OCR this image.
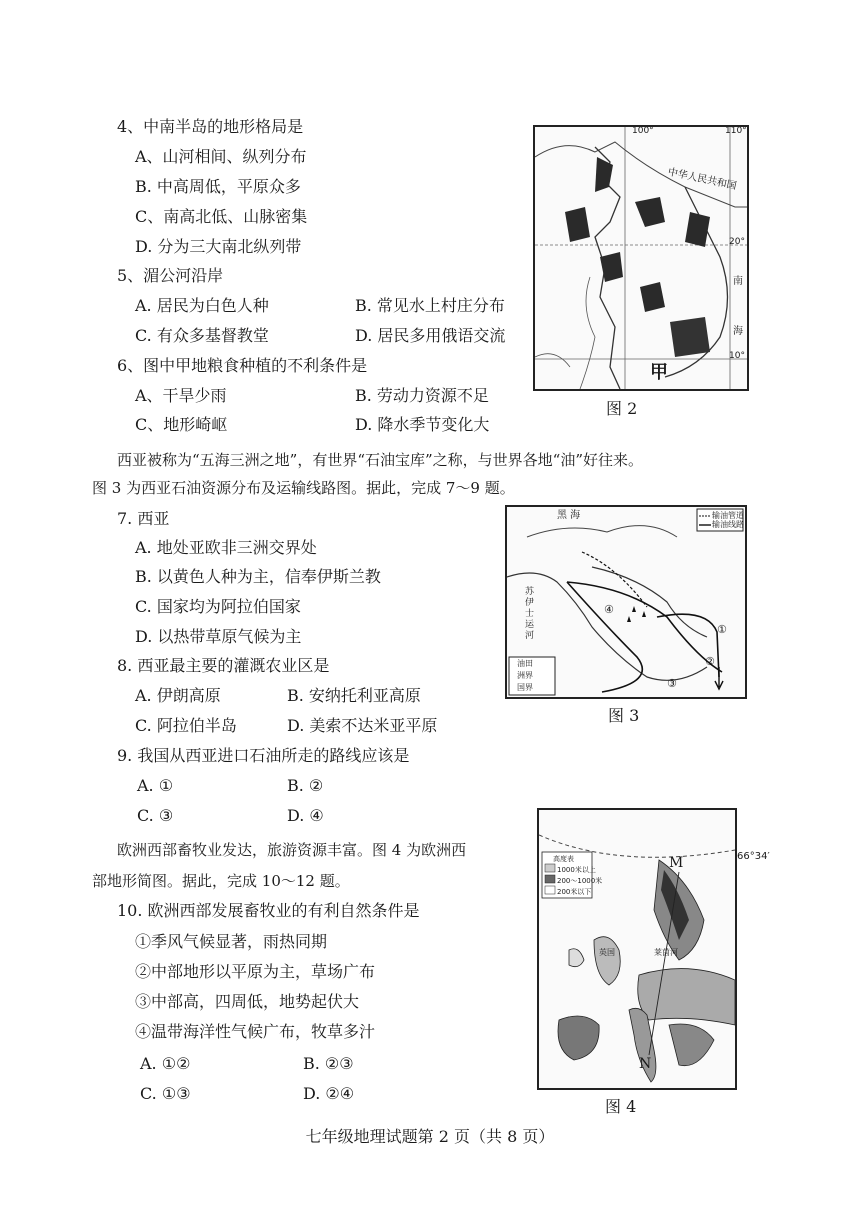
4、中南半岛的地形格局是
A、山河相间、纵列分布
B. 中高周低，平原众多
C、南高北低、山脉密集
D. 分为三大南北纵列带
5、湄公河沿岸
A. 居民为白色人种	B. 常见水上村庄分布
C. 有众多基督教堂	D. 居民多用俄语交流
6、图中甲地粮食种植的不利条件是
A、干旱少雨	B. 劳动力资源不足
C、地形崎岖	D. 降水季节变化大
100°	110°
20°
10°
中华人民共和国
南
海
甲
图 2
西亚被称为“五海三洲之地”，有世界“石油宝库”之称，与世界各地“油”好往来。
图 3 为西亚石油资源分布及运输线路图。据此，完成 7～9 题。
7. 西亚
A. 地处亚欧非三洲交界处
B. 以黄色人种为主，信奉伊斯兰教
C. 国家均为阿拉伯国家
D. 以热带草原气候为主
8. 西亚最主要的灌溉农业区是
A. 伊朗高原	B. 安纳托利亚高原
C. 阿拉伯半岛	D. 美索不达米亚平原
9. 我国从西亚进口石油所走的路线应该是
A. ①	B. ②
C. ③	D. ④
输油管道
输油线路
油田
洲界
国界
黑 海
苏伊士运河
④
①
②
③
图 3
欧洲西部畜牧业发达，旅游资源丰富。图 4 为欧洲西
部地形简图。据此，完成 10～12 题。
10. 欧洲西部发展畜牧业的有利自然条件是
①季风气候显著，雨热同期
②中部地形以平原为主，草场广布
③中部高，四周低，地势起伏大
④温带海洋性气候广布，牧草多汁
A. ①②	B. ②③
C. ①③	D. ②④
高度表
1000米以上
200～1000米
200米以下
M
N
英国	莱茵河
66°34′
图 4
七年级地理试题第 2 页（共 8 页）
